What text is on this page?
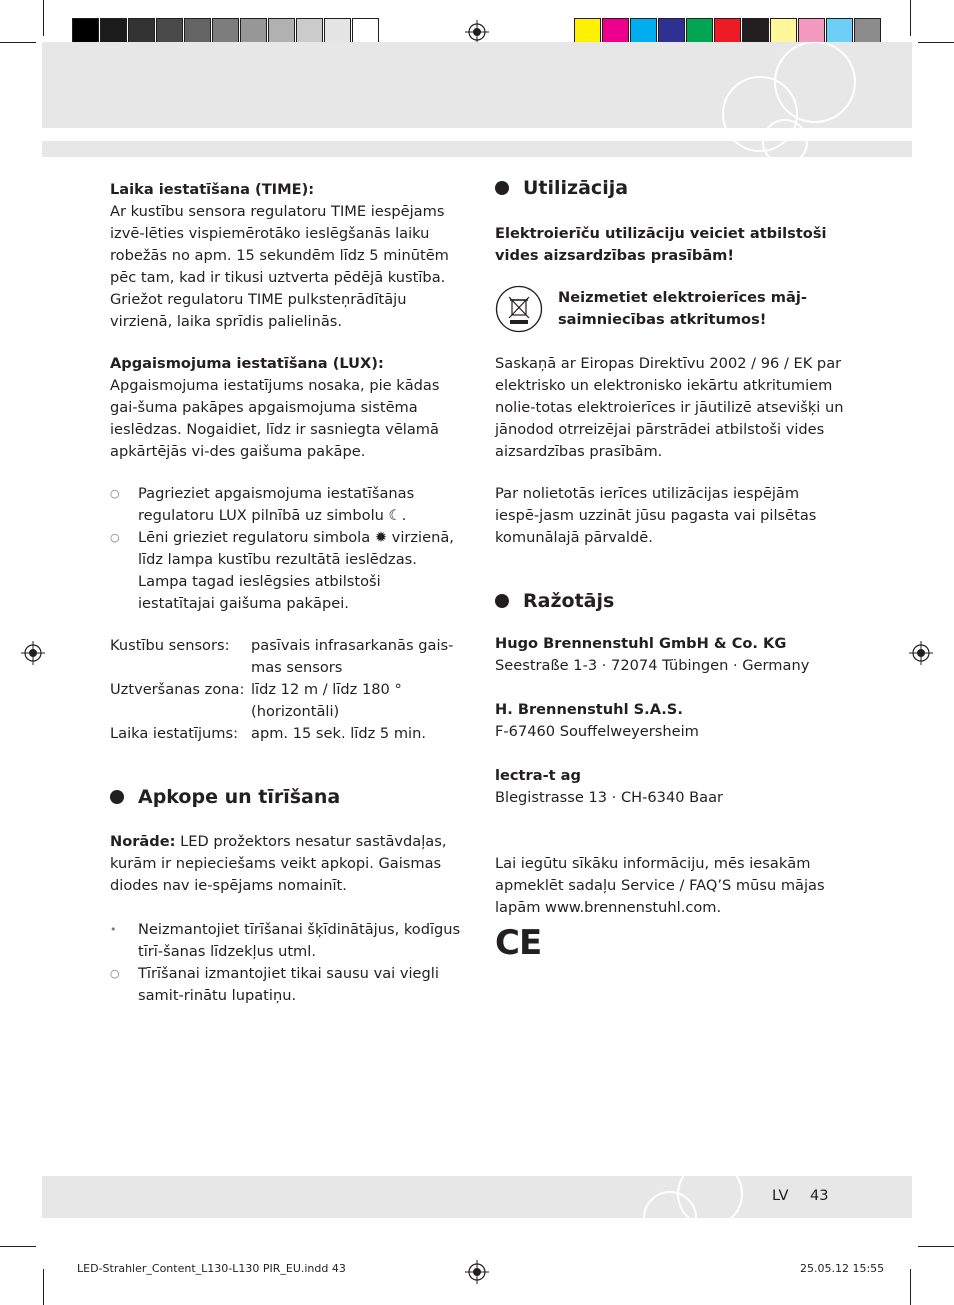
Laika iestatīšana (TIME):

Ar kustību sensora regulatoru TIME iespējams izvē-lēties vispiemērotāko ieslēgšanās laiku robežās no apm. 15 sekundēm līdz 5 minūtēm pēc tam, kad ir tikusi uztverta pēdējā kustība. Griežot regulatoru TIME pulksteņrādītāju virzienā, laika sprīdis palielinās.

Apgaismojuma iestatīšana (LUX):

Apgaismojuma iestatījums nosaka, pie kādas gai-šuma pakāpes apgaismojuma sistēma ieslēdzas. Nogaidiet, līdz ir sasniegta vēlamā apkārtējās vi-des gaišuma pakāpe.

○ Pagrieziet apgaismojuma iestatīšanas regulatoru LUX pilnībā uz simbolu ☾.
○ Lēni grieziet regulatoru simbola ✹ virzienā, līdz lampa kustību rezultātā ieslēdzas. Lampa tagad ieslēgsies atbilstoši iestatītajai gaišuma pakāpei.
Kustību sensors:	pasīvais infrasarkanās gais-mas sensors
Uztveršanas zona: līdz 12 m / līdz 180 ° (horizontāli)
Laika iestatījums: apm. 15 sek. līdz 5 min.
Apkope un tīrīšana

Norāde: LED prožektors nesatur sastāvdaļas, kurām ir nepieciešams veikt apkopi. Gaismas diodes nav ie-spējams nomainīt.

• Neizmantojiet tīrīšanai šķīdinātājus, kodīgus tīrī-šanas līdzekļus utml.
○ Tīrīšanai izmantojiet tikai sausu vai viegli samit-rinātu lupatiņu.
Utilizācija

Elektroierīču utilizāciju veiciet atbilstoši vides aizsardzības prasībām!

Neizmetiet elektroierīces māj-saimniecības atkritumos!

Saskaņā ar Eiropas Direktīvu 2002 / 96 / EK par elektrisko un elektronisko iekārtu atkritumiem nolie-totas elektroierīces ir jāutilizē atsevišķi un jānodod otrreizējai pārstrādei atbilstoši vides aizsardzības prasībām.

Par nolietotās ierīces utilizācijas iespējām iespē-jasm uzzināt jūsu pagasta vai pilsētas komunālajā pārvaldē.

Ražotājs

Hugo Brennenstuhl GmbH & Co. KG

Seestraße 1-3 · 72074 Tübingen · Germany

H. Brennenstuhl S.A.S.

F-67460 Souffelweyersheim

lectra-t ag

Blegistrasse 13 · CH-6340 Baar

Lai iegūtu sīkāku informāciju, mēs iesakām apmeklēt sadaļu Service / FAQ’S mūsu mājas lapām www.brennenstuhl.com.

CE
LV 43
LED-Strahler_Content_L130-L130 PIR_EU.indd 43	25.05.12 15:55
